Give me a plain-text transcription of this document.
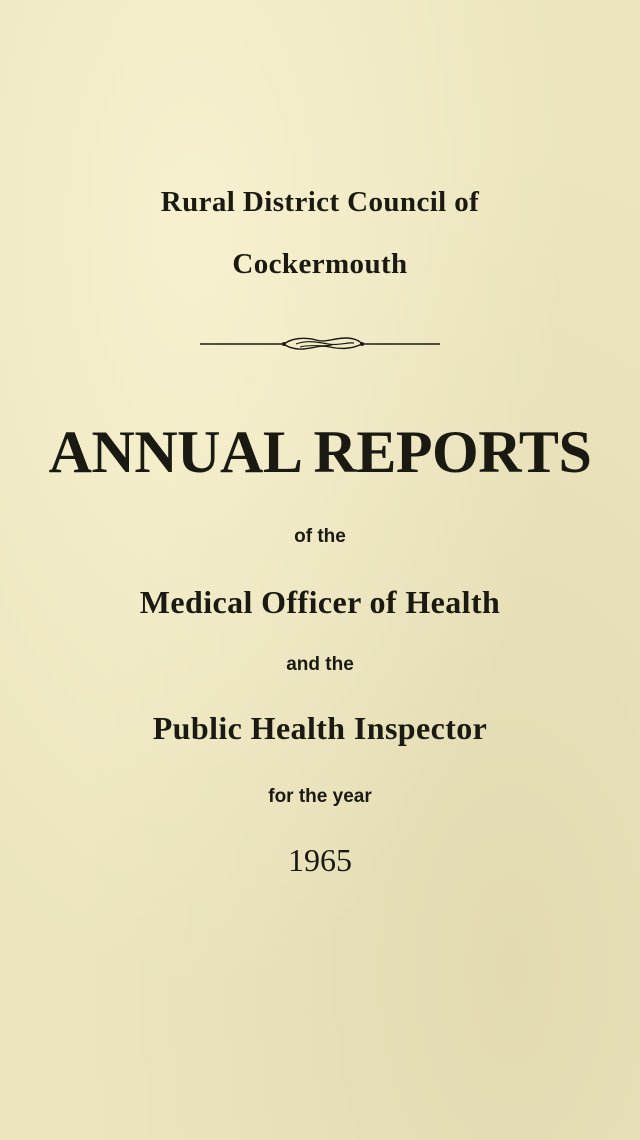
Rural District Council of
Cockermouth
ANNUAL REPORTS
of the
Medical Officer of Health
and the
Public Health Inspector
for the year
1965
